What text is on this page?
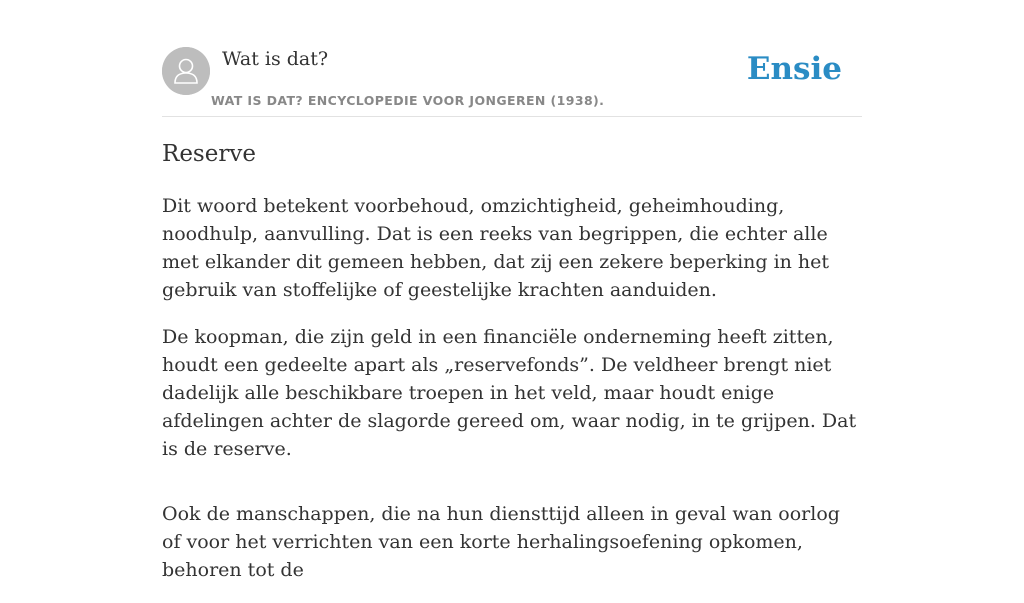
Wat is dat?
WAT IS DAT? ENCYCLOPEDIE VOOR JONGEREN (1938).
Ensie
Reserve

Dit woord betekent voorbehoud, omzichtigheid, geheimhouding, noodhulp, aanvulling. Dat is een reeks van begrippen, die echter alle met elkander dit gemeen hebben, dat zij een zekere beperking in het gebruik van stoffelijke of geestelijke krachten aanduiden.

De koopman, die zijn geld in een financiële onderneming heeft zitten, houdt een gedeelte apart als „reservefonds”. De veldheer brengt niet dadelijk alle beschikbare troepen in het veld, maar houdt enige afdelingen achter de slagorde gereed om, waar nodig, in te grijpen. Dat is de reserve.

Ook de manschappen, die na hun diensttijd alleen in geval wan oorlog of voor het verrichten van een korte herhalingsoefening opkomen, behoren tot de
